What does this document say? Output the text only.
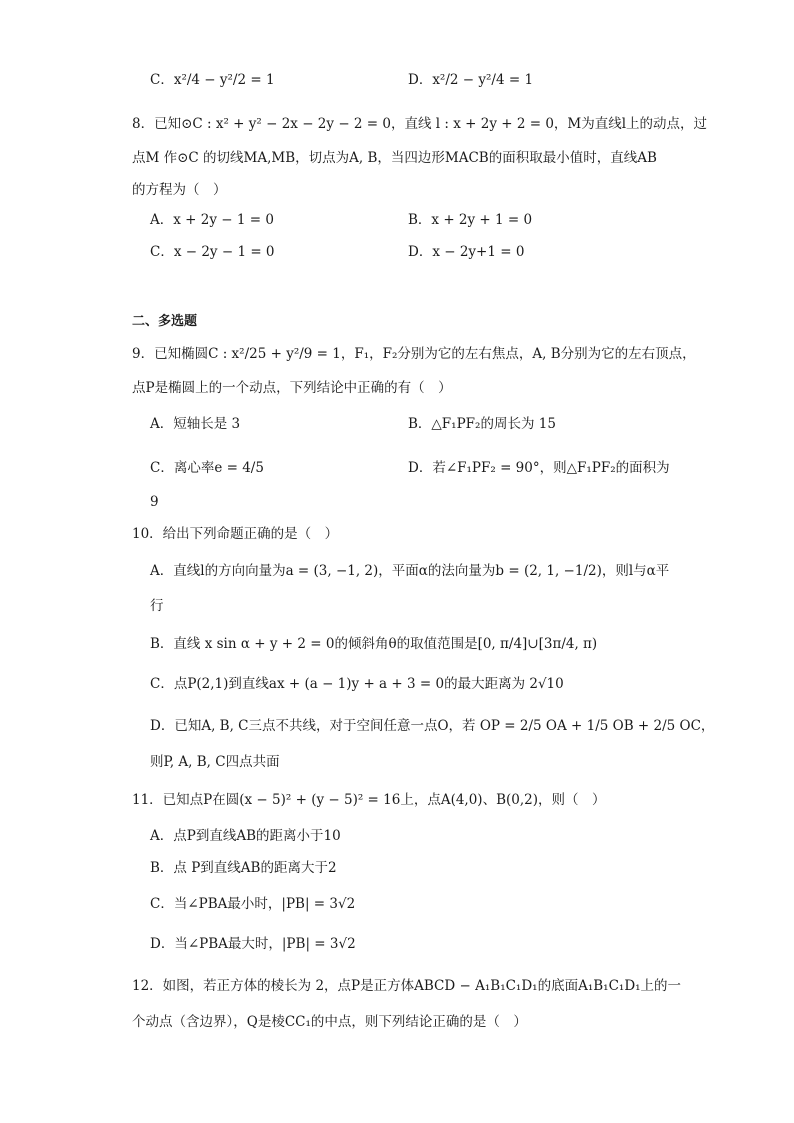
C．x²/4 − y²/2 = 1	D．x²/2 − y²/4 = 1
8．已知⊙C : x² + y² − 2x − 2y − 2 = 0，直线 l : x + 2y + 2 = 0，M为直线l上的动点，过
点M 作⊙C 的切线MA,MB，切点为A, B，当四边形MACB的面积取最小值时，直线AB
的方程为（　）
A．x + 2y − 1 = 0	B．x + 2y + 1 = 0
C．x − 2y − 1 = 0	D．x − 2y+1 = 0
二、多选题
9．已知椭圆C : x²/25 + y²/9 = 1，F₁，F₂分别为它的左右焦点，A, B分别为它的左右顶点，
点P是椭圆上的一个动点，下列结论中正确的有（　）
A．短轴长是 3	B．△F₁PF₂的周长为 15
C．离心率e = 4/5	D．若∠F₁PF₂ = 90°，则△F₁PF₂的面积为
9
10．给出下列命题正确的是（　）
A．直线l的方向向量为a = (3, −1, 2)，平面α的法向量为b = (2, 1, −1/2)，则l与α平
行
B．直线 x sin α + y + 2 = 0的倾斜角θ的取值范围是[0, π/4]∪[3π/4, π)
C．点P(2,1)到直线ax + (a − 1)y + a + 3 = 0的最大距离为 2√10
D．已知A, B, C三点不共线，对于空间任意一点O，若 OP = 2/5 OA + 1/5 OB + 2/5 OC，
则P, A, B, C四点共面
11．已知点P在圆(x − 5)² + (y − 5)² = 16上，点A(4,0)、B(0,2)，则（　）
A．点P到直线AB的距离小于10
B．点 P到直线AB的距离大于2
C．当∠PBA最小时，|PB| = 3√2
D．当∠PBA最大时，|PB| = 3√2
12．如图，若正方体的棱长为 2，点P是正方体ABCD − A₁B₁C₁D₁的底面A₁B₁C₁D₁上的一
个动点（含边界），Q是棱CC₁的中点，则下列结论正确的是（　）
